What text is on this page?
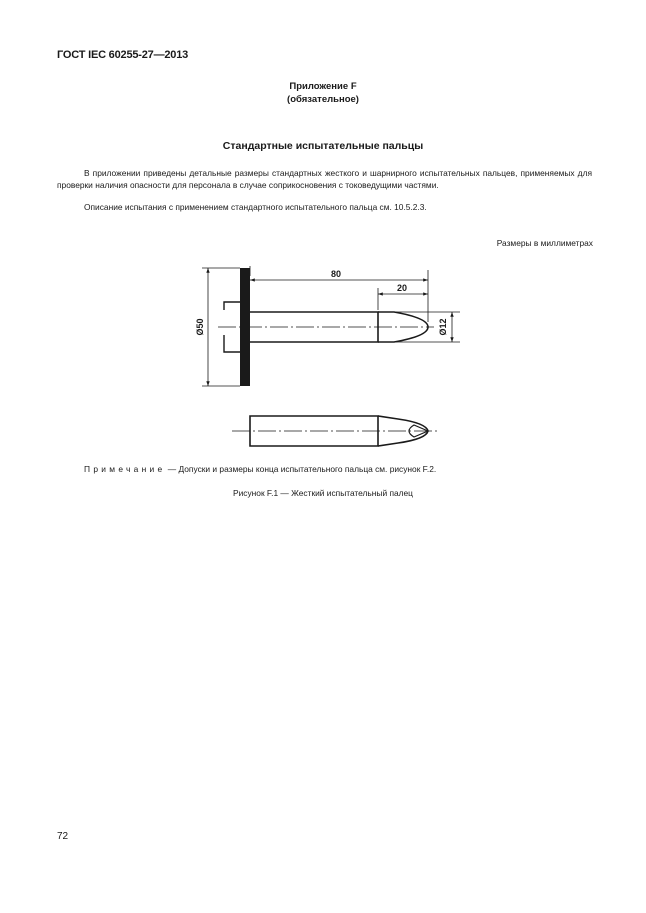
ГОСТ IEC 60255-27—2013
Приложение F
(обязательное)
Стандартные испытательные пальцы
В приложении приведены детальные размеры стандартных жесткого и шарнирного испытательных пальцев, применяемых для проверки наличия опасности для персонала в случае соприкосновения с токоведущими частями.
Описание испытания с применением стандартного испытательного пальца см. 10.5.2.3.
Размеры в миллиметрах
80
20
Ø12
Ø50
Примечание — Допуски и размеры конца испытательного пальца см. рисунок F.2.
Рисунок F.1 — Жесткий испытательный палец
72
